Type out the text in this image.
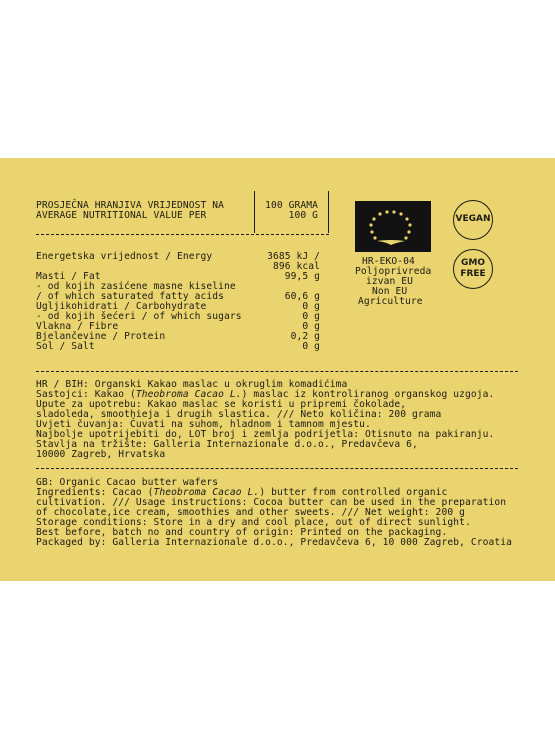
PROSJEČNA HRANJIVA VRIJEDNOST NA
AVERAGE NUTRITIONAL VALUE PER
100 GRAMA
100 G
Energetska vrijednost / Energy	3685 kJ /
896 kcal
Masti / Fat	99,5 g
- od kojih zasićene masne kiseline
/ of which saturated fatty acids	60,6 g
Ugljikohidrati / Carbohydrate	0 g
- od kojih šećeri / of which sugars	0 g
Vlakna / Fibre	0 g
Bjelančevine / Protein	0,2 g
Sol / Salt	0 g
HR-EKO-04
Poljoprivreda
izvan EU
Non EU
Agriculture
VEGAN
GMO
FREE
HR / BIH: Organski Kakao maslac u okruglim komadićima
Sastojci: Kakao (Theobroma Cacao L.) maslac iz kontroliranog organskog uzgoja.
Upute za upotrebu: Kakao maslac se koristi u pripremi čokolade,
sladoleda, smoothieja i drugih slastica. /// Neto količina: 200 grama
Uvjeti čuvanja: Čuvati na suhom, hladnom i tamnom mjestu.
Najbolje upotrijebiti do, LOT broj i zemlja podrijetla: Otisnuto na pakiranju.
Stavlja na tržište: Galleria Internazionale d.o.o., Predavčeva 6,
10000 Zagreb, Hrvatska
GB: Organic Cacao butter wafers
Ingredients: Cacao (Theobroma Cacao L.) butter from controlled organic
cultivation. /// Usage instructions: Cocoa butter can be used in the preparation
of chocolate,ice cream, smoothies and other sweets. /// Net weight: 200 g
Storage conditions: Store in a dry and cool place, out of direct sunlight.
Best before, batch no and country of origin: Printed on the packaging.
Packaged by: Galleria Internazionale d.o.o., Predavčeva 6, 10 000 Zagreb, Croatia
